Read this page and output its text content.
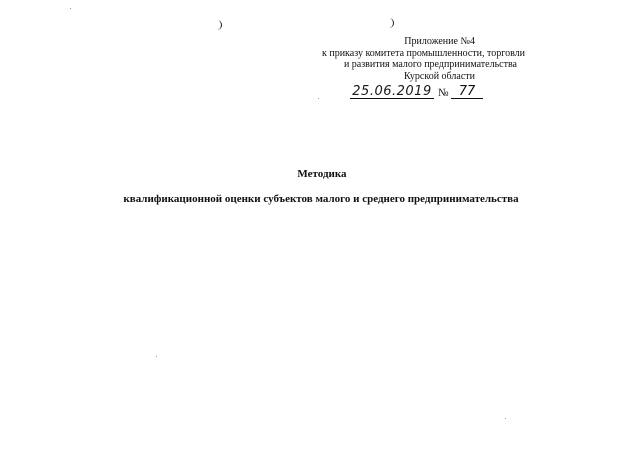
Приложение №4
к приказу комитета промышленности, торговли
и развития малого предпринимательства
Курской области
25.06.2019 № 77
Методика
квалификационной оценки субъектов малого и среднего предпринимательства
